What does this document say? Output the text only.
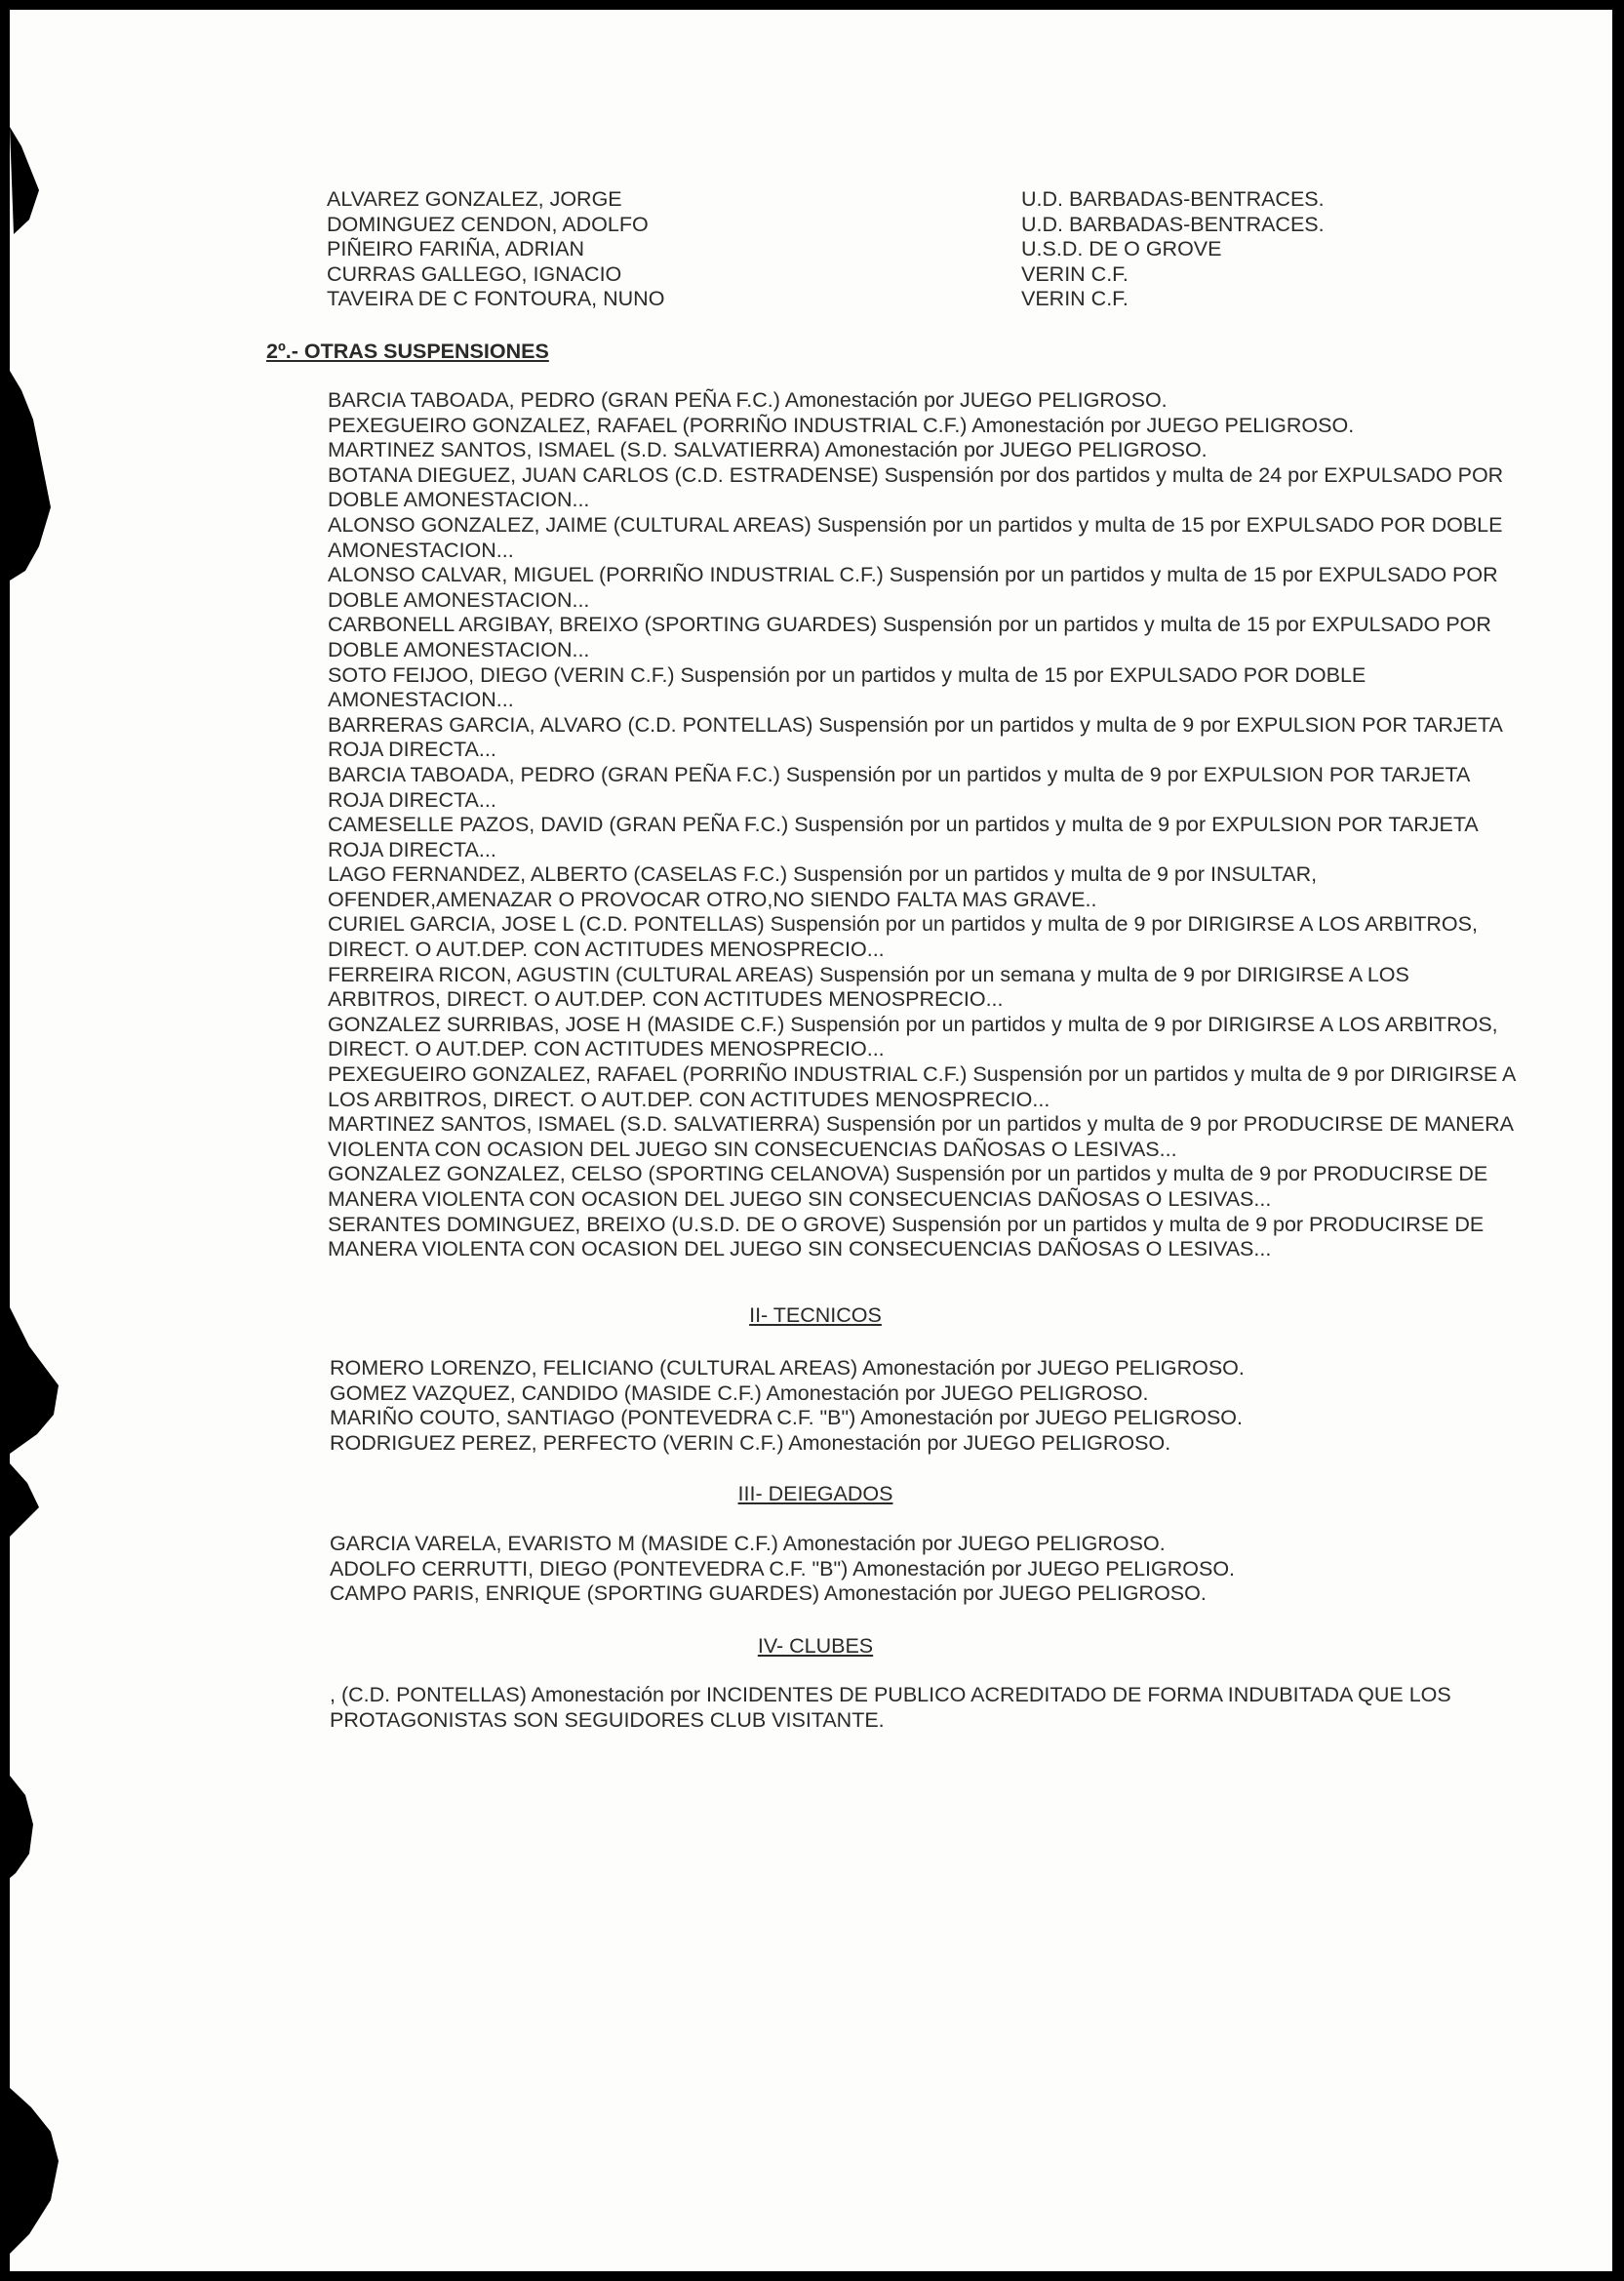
ALVAREZ GONZALEZ, JORGE	U.D. BARBADAS-BENTRACES.
DOMINGUEZ CENDON, ADOLFO	U.D. BARBADAS-BENTRACES.
PIÑEIRO FARIÑA, ADRIAN	U.S.D. DE O GROVE
CURRAS GALLEGO, IGNACIO	VERIN C.F.
TAVEIRA DE C FONTOURA, NUNO	VERIN C.F.
2º.- OTRAS SUSPENSIONES

BARCIA TABOADA, PEDRO (GRAN PEÑA F.C.) Amonestación por JUEGO PELIGROSO.

PEXEGUEIRO GONZALEZ, RAFAEL (PORRIÑO INDUSTRIAL C.F.) Amonestación por JUEGO PELIGROSO.

MARTINEZ SANTOS, ISMAEL (S.D. SALVATIERRA) Amonestación por JUEGO PELIGROSO.

BOTANA DIEGUEZ, JUAN CARLOS (C.D. ESTRADENSE) Suspensión por dos partidos y multa de 24 por EXPULSADO POR DOBLE AMONESTACION...

ALONSO GONZALEZ, JAIME (CULTURAL AREAS) Suspensión por un partidos y multa de 15 por EXPULSADO POR DOBLE AMONESTACION...

ALONSO CALVAR, MIGUEL (PORRIÑO INDUSTRIAL C.F.) Suspensión por un partidos y multa de 15 por EXPULSADO POR DOBLE AMONESTACION...

CARBONELL ARGIBAY, BREIXO (SPORTING GUARDES) Suspensión por un partidos y multa de 15 por EXPULSADO POR DOBLE AMONESTACION...

SOTO FEIJOO, DIEGO (VERIN C.F.) Suspensión por un partidos y multa de 15 por EXPULSADO POR DOBLE AMONESTACION...

BARRERAS GARCIA, ALVARO (C.D. PONTELLAS) Suspensión por un partidos y multa de 9 por EXPULSION POR TARJETA ROJA DIRECTA...

BARCIA TABOADA, PEDRO (GRAN PEÑA F.C.) Suspensión por un partidos y multa de 9 por EXPULSION POR TARJETA ROJA DIRECTA...

CAMESELLE PAZOS, DAVID (GRAN PEÑA F.C.) Suspensión por un partidos y multa de 9 por EXPULSION POR TARJETA ROJA DIRECTA...

LAGO FERNANDEZ, ALBERTO (CASELAS F.C.) Suspensión por un partidos y multa de 9 por INSULTAR, OFENDER,AMENAZAR O PROVOCAR OTRO,NO SIENDO FALTA MAS GRAVE..

CURIEL GARCIA, JOSE L (C.D. PONTELLAS) Suspensión por un partidos y multa de 9 por DIRIGIRSE A LOS ARBITROS, DIRECT. O AUT.DEP. CON ACTITUDES MENOSPRECIO...

FERREIRA RICON, AGUSTIN (CULTURAL AREAS) Suspensión por un semana y multa de 9 por DIRIGIRSE A LOS ARBITROS, DIRECT. O AUT.DEP. CON ACTITUDES MENOSPRECIO...

GONZALEZ SURRIBAS, JOSE H (MASIDE C.F.) Suspensión por un partidos y multa de 9 por DIRIGIRSE A LOS ARBITROS, DIRECT. O AUT.DEP. CON ACTITUDES MENOSPRECIO...

PEXEGUEIRO GONZALEZ, RAFAEL (PORRIÑO INDUSTRIAL C.F.) Suspensión por un partidos y multa de 9 por DIRIGIRSE A LOS ARBITROS, DIRECT. O AUT.DEP. CON ACTITUDES MENOSPRECIO...

MARTINEZ SANTOS, ISMAEL (S.D. SALVATIERRA) Suspensión por un partidos y multa de 9 por PRODUCIRSE DE MANERA VIOLENTA CON OCASION DEL JUEGO SIN CONSECUENCIAS DAÑOSAS O LESIVAS...

GONZALEZ GONZALEZ, CELSO (SPORTING CELANOVA) Suspensión por un partidos y multa de 9 por PRODUCIRSE DE MANERA VIOLENTA CON OCASION DEL JUEGO SIN CONSECUENCIAS DAÑOSAS O LESIVAS...

SERANTES DOMINGUEZ, BREIXO (U.S.D. DE O GROVE) Suspensión por un partidos y multa de 9 por PRODUCIRSE DE MANERA VIOLENTA CON OCASION DEL JUEGO SIN CONSECUENCIAS DAÑOSAS O LESIVAS...

II- TECNICOS

ROMERO LORENZO, FELICIANO (CULTURAL AREAS) Amonestación por JUEGO PELIGROSO.

GOMEZ VAZQUEZ, CANDIDO (MASIDE C.F.) Amonestación por JUEGO PELIGROSO.

MARIÑO COUTO, SANTIAGO (PONTEVEDRA C.F. "B") Amonestación por JUEGO PELIGROSO.

RODRIGUEZ PEREZ, PERFECTO (VERIN C.F.) Amonestación por JUEGO PELIGROSO.

III- DEIEGADOS

GARCIA VARELA, EVARISTO M (MASIDE C.F.) Amonestación por JUEGO PELIGROSO.

ADOLFO CERRUTTI, DIEGO (PONTEVEDRA C.F. "B") Amonestación por JUEGO PELIGROSO.

CAMPO PARIS, ENRIQUE (SPORTING GUARDES) Amonestación por JUEGO PELIGROSO.

IV- CLUBES

, (C.D. PONTELLAS) Amonestación por INCIDENTES DE PUBLICO ACREDITADO DE FORMA INDUBITADA QUE LOS PROTAGONISTAS SON SEGUIDORES CLUB VISITANTE.
